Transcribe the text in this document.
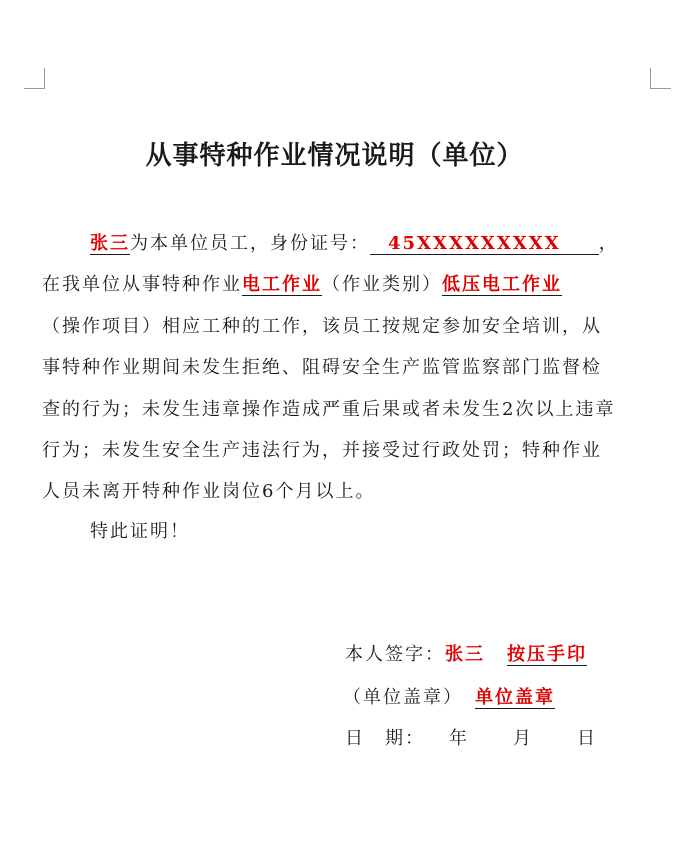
从事特种作业情况说明（单位）
张三为本单位员工，身份证号： 45XXXXXXXXX ，
在我单位从事特种作业电工作业（作业类别）低压电工作业
（操作项目）相应工种的工作，该员工按规定参加安全培训，从
事特种作业期间未发生拒绝、阻碍安全生产监管监察部门监督检
查的行为；未发生违章操作造成严重后果或者未发生2次以上违章
行为；未发生安全生产违法行为，并接受过行政处罚；特种作业
人员未离开特种作业岗位6个月以上。
特此证明！
本人签字：张三 按压手印
（单位盖章） 单位盖章
日　期： 年 月 日
